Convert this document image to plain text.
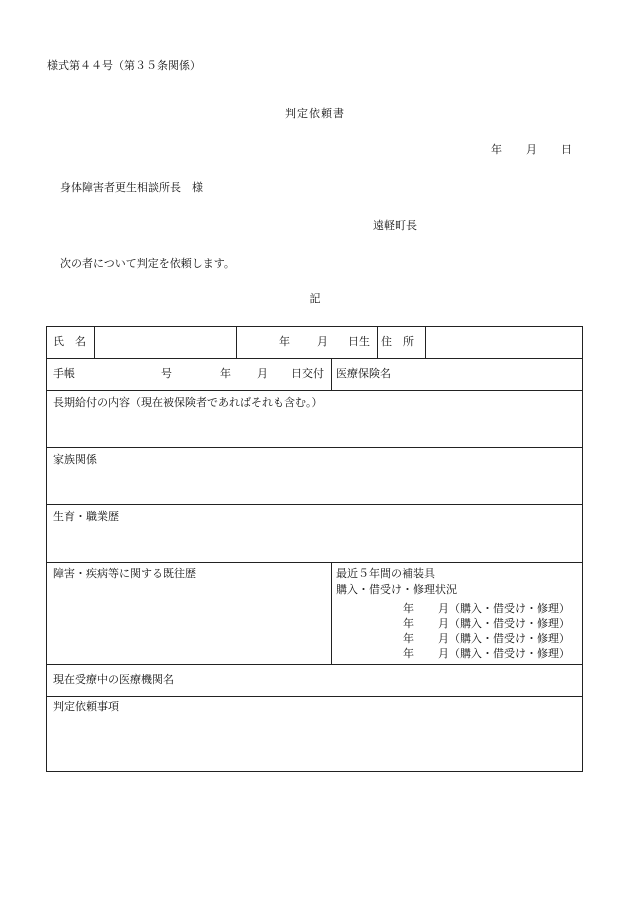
様式第４４号（第３５条関係）
判定依頼書
年 月 日
身体障害者更生相談所長　様
遠軽町長
次の者について判定を依頼します。
記
氏　名	年 月 日生 住　所
手帳	号	年 月 日交付 医療保険名
長期給付の内容（現在被保険者であればそれも含む。）
家族関係
生育・職業歴
障害・疾病等に関する既往歴	最近５年間の補装具
購入・借受け・修理状況
年 月（購入・借受け・修理）
年 月（購入・借受け・修理）
年 月（購入・借受け・修理）
年 月（購入・借受け・修理）
現在受療中の医療機関名
判定依頼事項
